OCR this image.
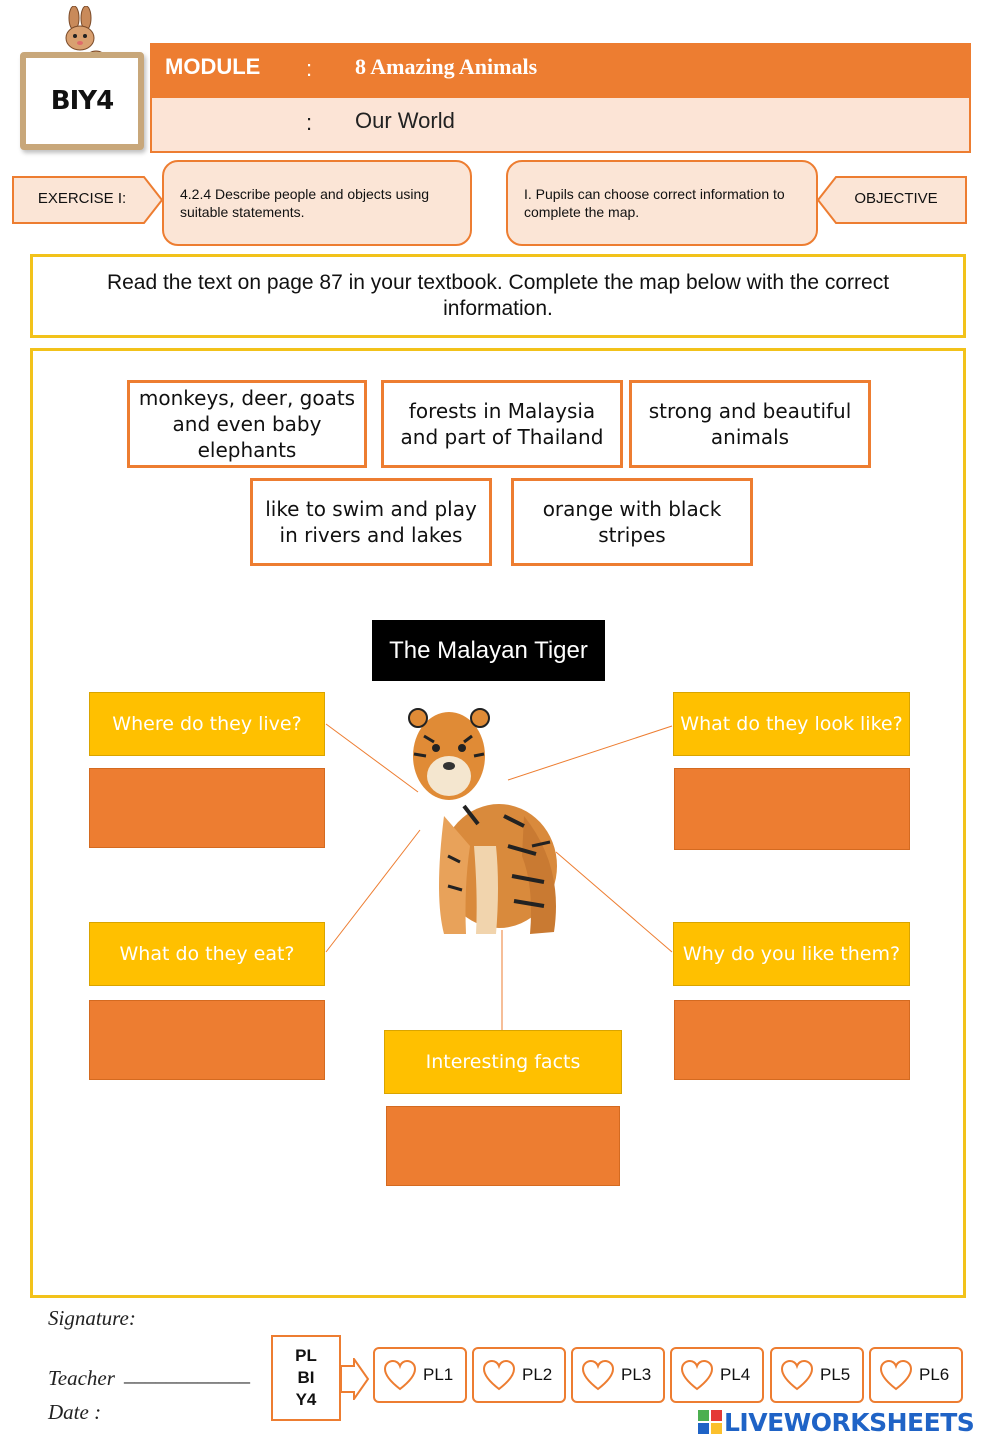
BIY4
MODULE : 8 Amazing Animals
: Our World
EXERCISE I:	4.2.4 Describe people and objects using suitable statements.
I. Pupils can choose correct information to complete the map.
OBJECTIVE
Read the text on page 87 in your textbook. Complete the map below with the correct information.
monkeys, deer, goats and even baby elephants
forests in Malaysia and part of Thailand
strong and beautiful animals
like to swim and play in rivers and lakes
orange with black stripes
The Malayan Tiger
Where do they live?	What do they look like?
What do they eat?	Why do you like them?
Interesting facts
Signature:
Teacher ____________
Date :
PL
BI
Y4
PL1	PL2	PL3	PL4	PL5	PL6
LIVEWORKSHEETS
